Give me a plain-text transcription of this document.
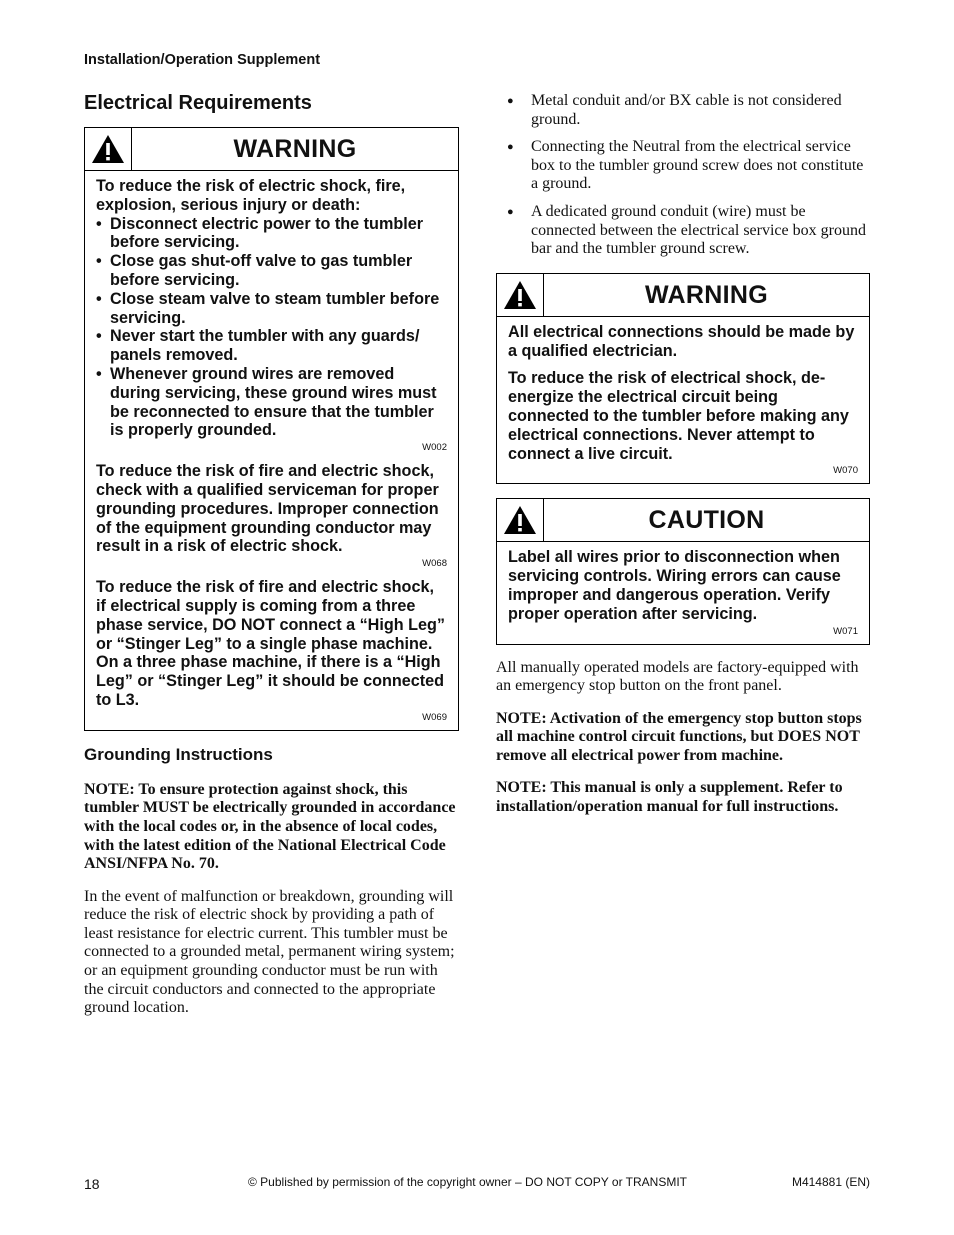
Installation/Operation Supplement
Electrical Requirements
WARNING

To reduce the risk of electric shock, fire, explosion, serious injury or death:

• Disconnect electric power to the tumbler before servicing.
• Close gas shut-off valve to gas tumbler before servicing.
• Close steam valve to steam tumbler before servicing.
• Never start the tumbler with any guards/ panels removed.
• Whenever ground wires are removed during servicing, these ground wires must be reconnected to ensure that the tumbler is properly grounded.
W002

To reduce the risk of fire and electric shock, check with a qualified serviceman for proper grounding procedures. Improper connection of the equipment grounding conductor may result in a risk of electric shock.

W068

To reduce the risk of fire and electric shock, if electrical supply is coming from a three phase service, DO NOT connect a “High Leg” or “Stinger Leg” to a single phase machine. On a three phase machine, if there is a “High Leg” or “Stinger Leg” it should be connected to L3.

W069
Grounding Instructions

NOTE: To ensure protection against shock, this tumbler MUST be electrically grounded in accordance with the local codes or, in the absence of local codes, with the latest edition of the National Electrical Code ANSI/NFPA No. 70.

In the event of malfunction or breakdown, grounding will reduce the risk of electric shock by providing a path of least resistance for electric current. This tumbler must be connected to a grounded metal, permanent wiring system; or an equipment grounding conductor must be run with the circuit conductors and connected to the appropriate ground location.

● Metal conduit and/or BX cable is not considered ground.
● Connecting the Neutral from the electrical service box to the tumbler ground screw does not constitute a ground.
● A dedicated ground conduit (wire) must be connected between the electrical service box ground bar and the tumbler ground screw.
WARNING

All electrical connections should be made by a qualified electrician.

To reduce the risk of electrical shock, de-energize the electrical circuit being connected to the tumbler before making any electrical connections. Never attempt to connect a live circuit.

W070
CAUTION

Label all wires prior to disconnection when servicing controls. Wiring errors can cause improper and dangerous operation. Verify proper operation after servicing.

W071

All manually operated models are factory-equipped with an emergency stop button on the front panel.

NOTE: Activation of the emergency stop button stops all machine control circuit functions, but DOES NOT remove all electrical power from machine.

NOTE: This manual is only a supplement. Refer to installation/operation manual for full instructions.

18	© Published by permission of the copyright owner – DO NOT COPY or TRANSMIT	M414881 (EN)
